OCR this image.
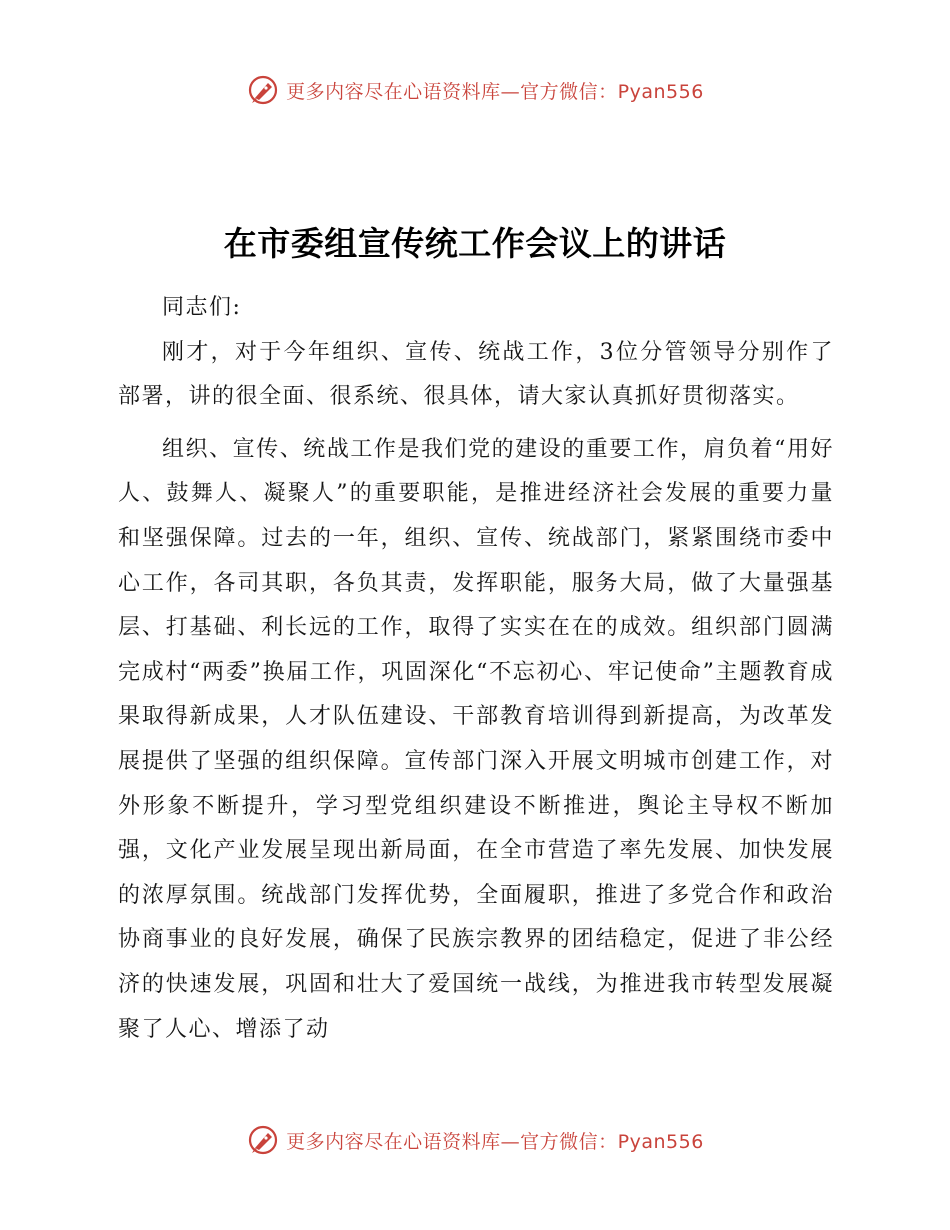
更多内容尽在心语资料库—官方微信：Pyan556
在市委组宣传统工作会议上的讲话

同志们:

刚才，对于今年组织、宣传、统战工作，3位分管领导分别作了部署，讲的很全面、很系统、很具体，请大家认真抓好贯彻落实。

组织、宣传、统战工作是我们党的建设的重要工作，肩负着“用好人、鼓舞人、凝聚人”的重要职能，是推进经济社会发展的重要力量和坚强保障。过去的一年，组织、宣传、统战部门，紧紧围绕市委中心工作，各司其职，各负其责，发挥职能，服务大局，做了大量强基层、打基础、利长远的工作，取得了实实在在的成效。组织部门圆满完成村“两委”换届工作，巩固深化“不忘初心、牢记使命”主题教育成果取得新成果，人才队伍建设、干部教育培训得到新提高，为改革发展提供了坚强的组织保障。宣传部门深入开展文明城市创建工作，对外形象不断提升，学习型党组织建设不断推进，舆论主导权不断加强，文化产业发展呈现出新局面，在全市营造了率先发展、加快发展的浓厚氛围。统战部门发挥优势，全面履职，推进了多党合作和政治协商事业的良好发展，确保了民族宗教界的团结稳定，促进了非公经济的快速发展，巩固和壮大了爱国统一战线，为推进我市转型发展凝聚了人心、增添了动

更多内容尽在心语资料库—官方微信：Pyan556
